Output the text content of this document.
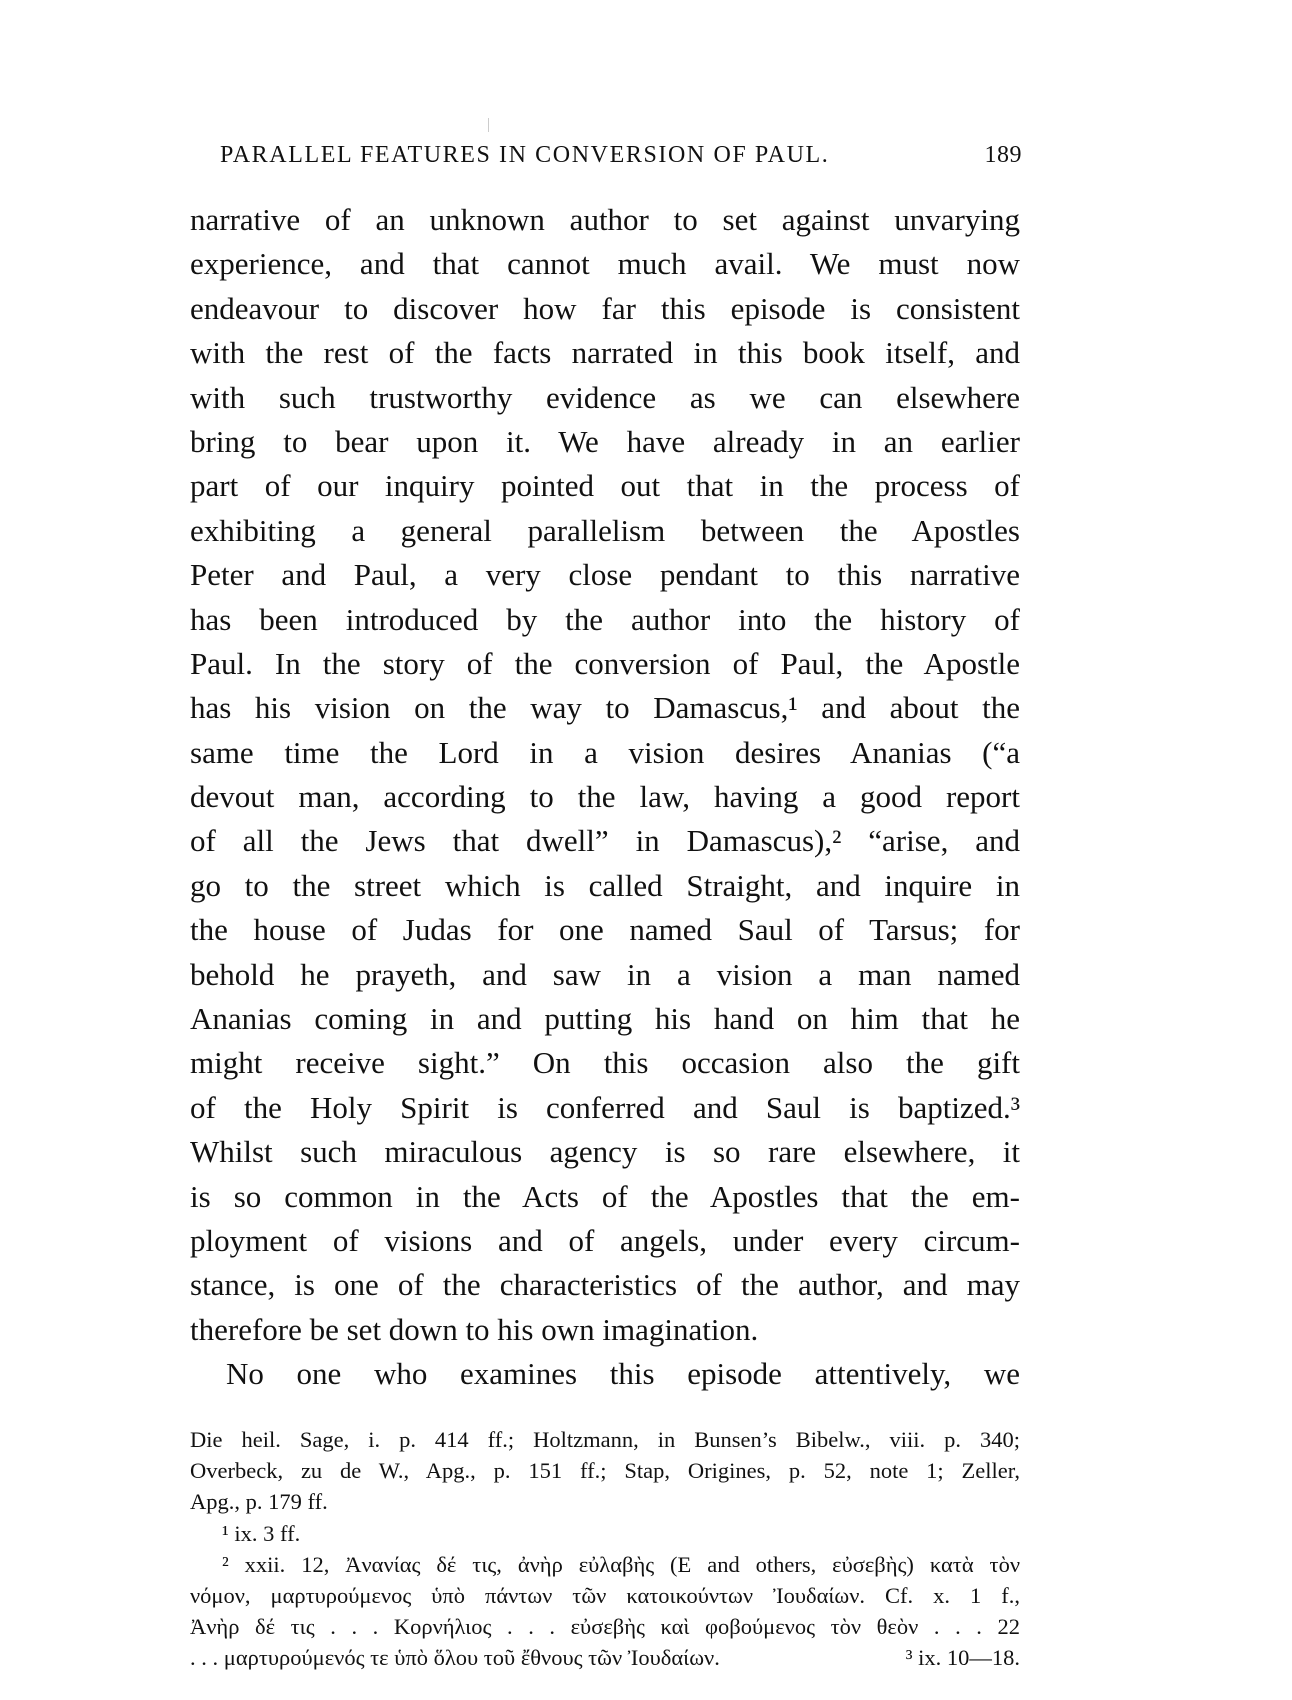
PARALLEL FEATURES IN CONVERSION OF PAUL.	189
narrative of an unknown author to set against unvarying
experience, and that cannot much avail. We must now
endeavour to discover how far this episode is consistent
with the rest of the facts narrated in this book itself, and
with such trustworthy evidence as we can elsewhere
bring to bear upon it. We have already in an earlier
part of our inquiry pointed out that in the process of
exhibiting a general parallelism between the Apostles
Peter and Paul, a very close pendant to this narrative
has been introduced by the author into the history of
Paul. In the story of the conversion of Paul, the Apostle
has his vision on the way to Damascus,¹ and about the
same time the Lord in a vision desires Ananias (“a
devout man, according to the law, having a good report
of all the Jews that dwell” in Damascus),² “arise, and
go to the street which is called Straight, and inquire in
the house of Judas for one named Saul of Tarsus; for
behold he prayeth, and saw in a vision a man named
Ananias coming in and putting his hand on him that he
might receive sight.” On this occasion also the gift
of the Holy Spirit is conferred and Saul is baptized.³
Whilst such miraculous agency is so rare elsewhere, it
is so common in the Acts of the Apostles that the em-
ployment of visions and of angels, under every circum-
stance, is one of the characteristics of the author, and may
therefore be set down to his own imagination.
No one who examines this episode attentively, we
Die heil. Sage, i. p. 414 ff.; Holtzmann, in Bunsen’s Bibelw., viii. p. 340;
Overbeck, zu de W., Apg., p. 151 ff.; Stap, Origines, p. 52, note 1; Zeller,
Apg., p. 179 ff.
¹ ix. 3 ff.
² xxii. 12, Ἀνανίας δέ τις, ἀνὴρ εὐλαβὴς (E and others, εὐσεβὴς) κατὰ τὸν
νόμον, μαρτυρούμενος ὑπὸ πάντων τῶν κατοικούντων Ἰουδαίων. Cf. x. 1 f.,
Ἀνὴρ δέ τις . . . Κορνήλιος . . . εὐσεβὴς καὶ φοβούμενος τὸν θεὸν . . . 22
. . . μαρτυρούμενός τε ὑπὸ ὅλου τοῦ ἔθνους τῶν Ἰουδαίων.	³ ix. 10—18.
